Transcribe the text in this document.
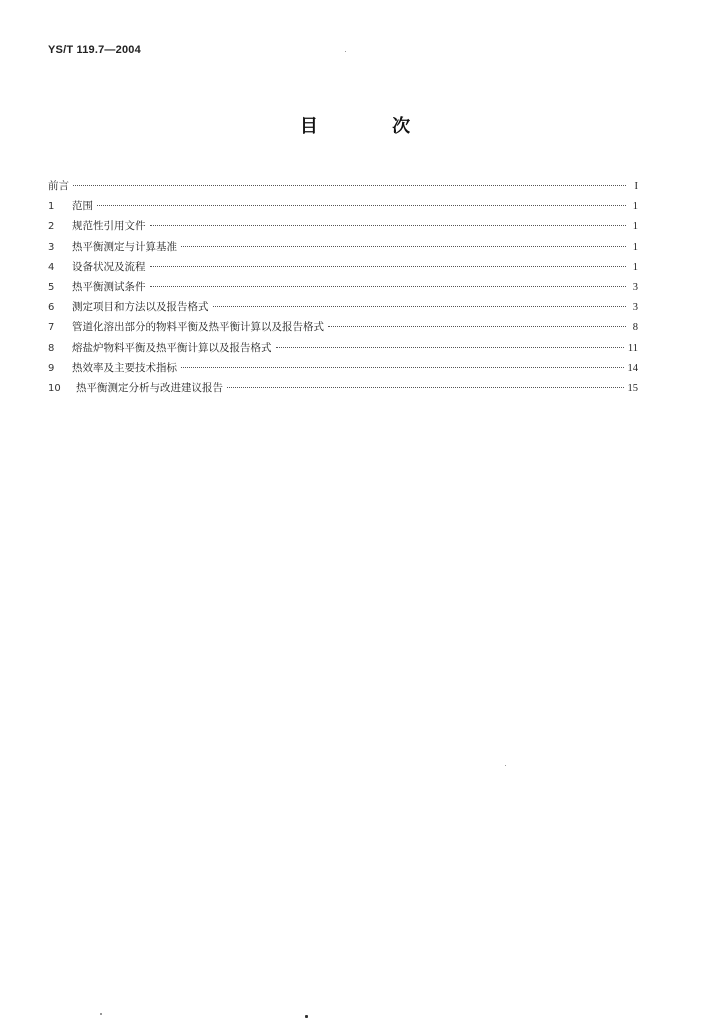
YS/T 119.7—2004
目 次
前言	I
1	范围	1
2	规范性引用文件	1
3	热平衡测定与计算基准	1
4	设备状况及流程	1
5	热平衡测试条件	3
6	测定项目和方法以及报告格式	3
7	管道化溶出部分的物料平衡及热平衡计算以及报告格式	8
8	熔盐炉物料平衡及热平衡计算以及报告格式	11
9	热效率及主要技术指标	14
10	热平衡测定分析与改进建议报告	15
